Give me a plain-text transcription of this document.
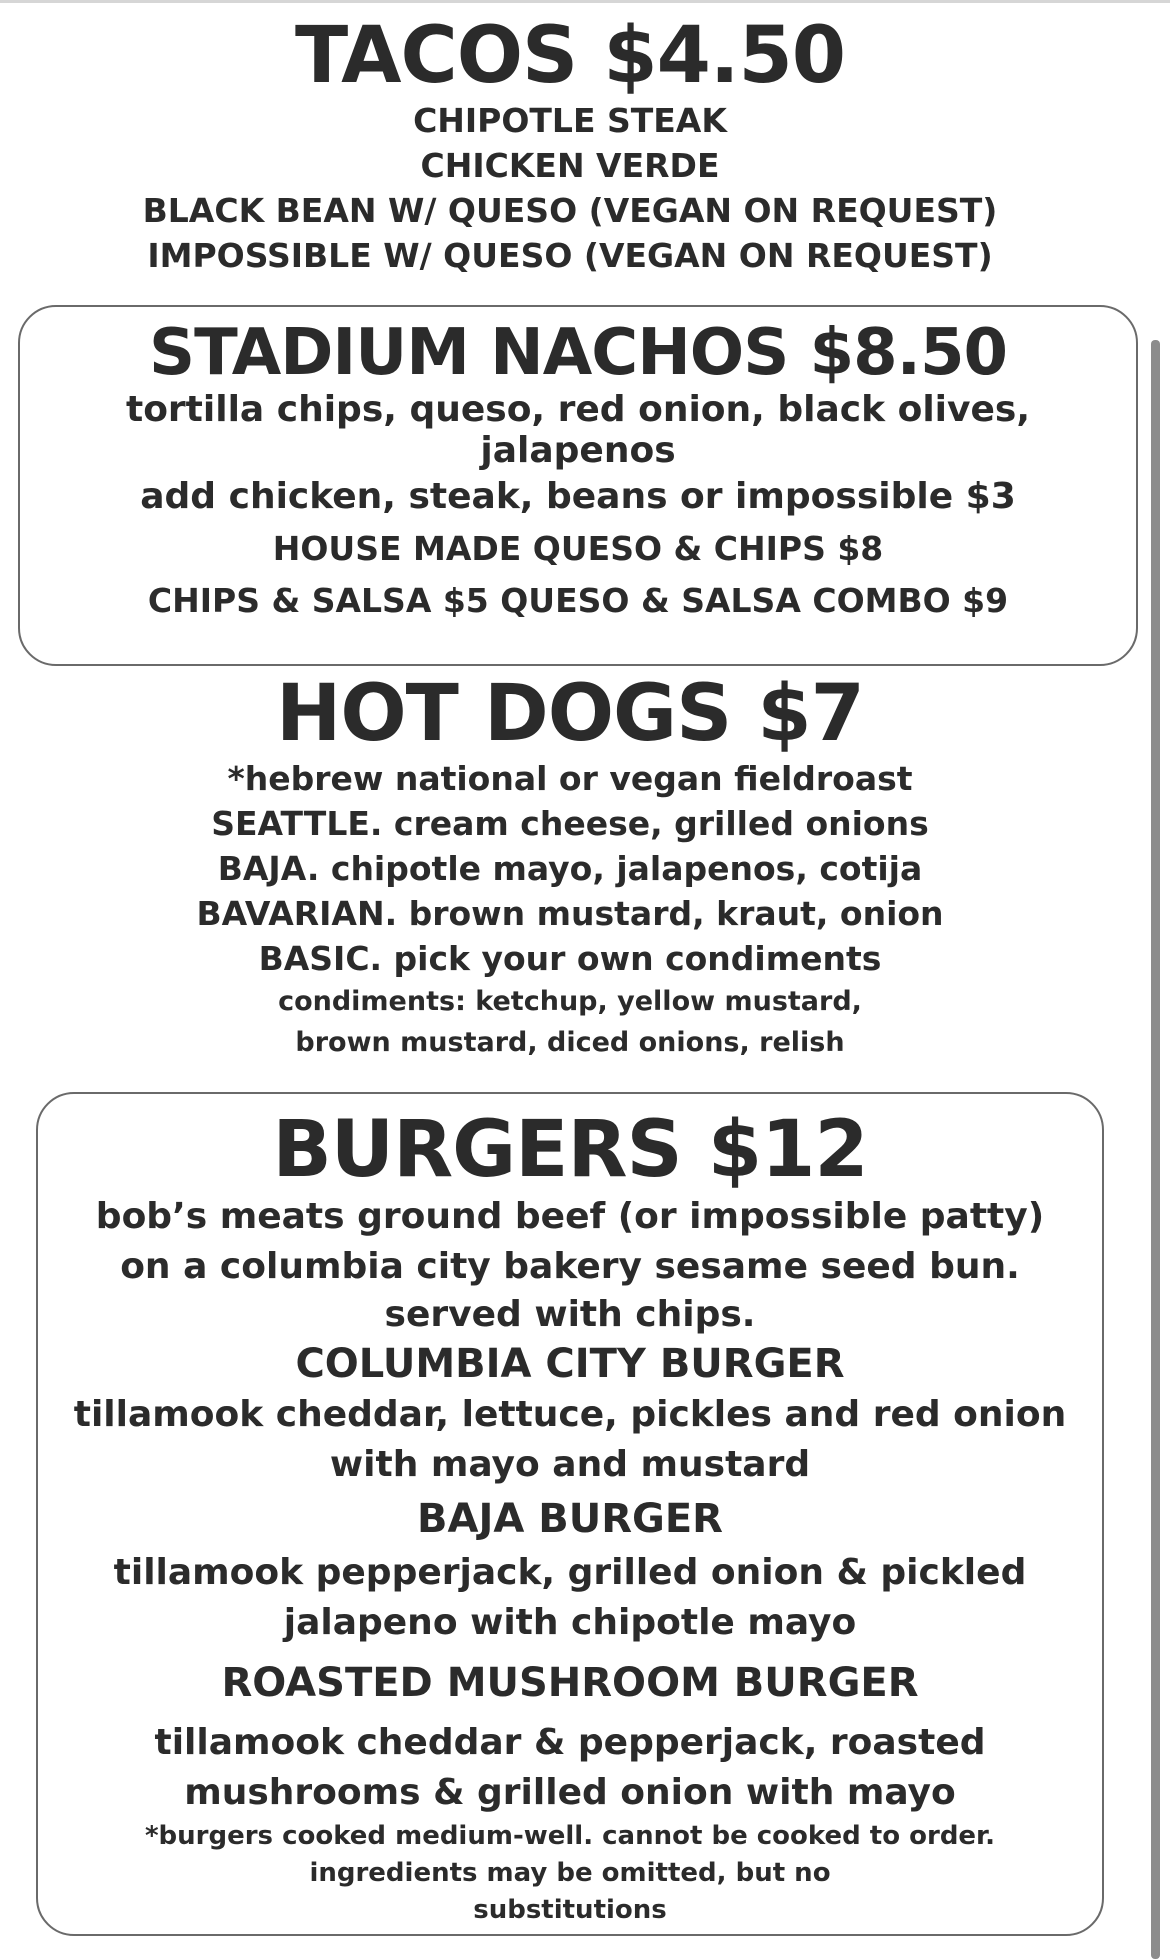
TACOS $4.50
CHIPOTLE STEAK
CHICKEN VERDE
BLACK BEAN W/ QUESO (VEGAN ON REQUEST)
IMPOSSIBLE W/ QUESO (VEGAN ON REQUEST)
STADIUM NACHOS $8.50
tortilla chips, queso, red onion, black olives,
jalapenos
add chicken, steak, beans or impossible $3
HOUSE MADE QUESO & CHIPS $8
CHIPS & SALSA $5 QUESO & SALSA COMBO $9
HOT DOGS $7
*hebrew national or vegan fieldroast
SEATTLE. cream cheese, grilled onions
BAJA. chipotle mayo, jalapenos, cotija
BAVARIAN. brown mustard, kraut, onion
BASIC. pick your own condiments
condiments: ketchup, yellow mustard,
brown mustard, diced onions, relish
BURGERS $12
bob’s meats ground beef (or impossible patty)
on a columbia city bakery sesame seed bun.
served with chips.
COLUMBIA CITY BURGER
tillamook cheddar, lettuce, pickles and red onion
with mayo and mustard
BAJA BURGER
tillamook pepperjack, grilled onion & pickled
jalapeno with chipotle mayo
ROASTED MUSHROOM BURGER
tillamook cheddar & pepperjack, roasted
mushrooms & grilled onion with mayo
*burgers cooked medium-well. cannot be cooked to order.
ingredients may be omitted, but no
substitutions
